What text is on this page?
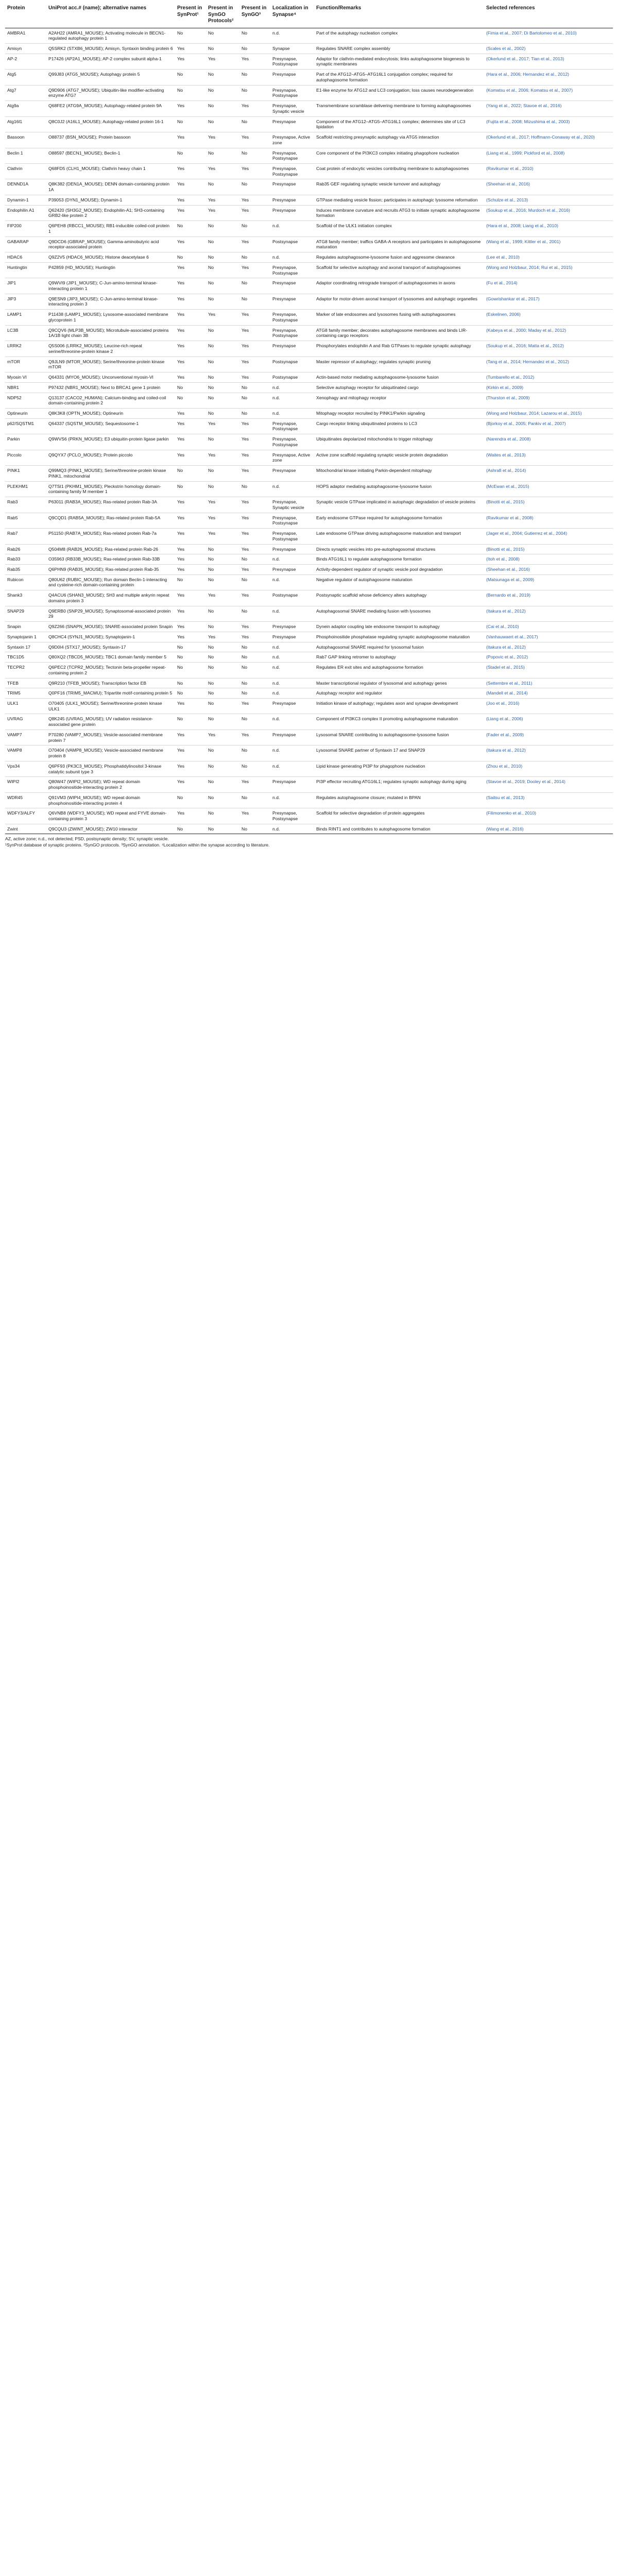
Protein	UniProt acc.# (name); alternative names	Present in SynProt¹	Present in SynGO Protocols²	Present in SynGO³	Localization in Synapse⁴	Function/Remarks	Selected references
AMBRA1	A2AH22 (AMRA1_MOUSE); Activating molecule in BECN1-regulated autophagy protein 1	No	No	No	n.d.	Part of the autophagy nucleation complex	(Fimia et al., 2007; Di Bartolomeo et al., 2010)
Amisyn	Q5SRK2 (STXB6_MOUSE); Amisyn, Syntaxin binding protein 6	Yes	No	No	Synapse	Regulates SNARE complex assembly	(Scales et al., 2002)
AP-2	P17426 (AP2A1_MOUSE); AP-2 complex subunit alpha-1	Yes	Yes	Yes	Presynapse, Postsynapse	Adaptor for clathrin-mediated endocytosis; links autophagosome biogenesis to synaptic membranes	(Okerlund et al., 2017; Tian et al., 2013)
Atg5	Q99J83 (ATG5_MOUSE); Autophagy protein 5	No	No	No	Presynapse	Part of the ATG12–ATG5–ATG16L1 conjugation complex; required for autophagosome formation	(Hara et al., 2006; Hernandez et al., 2012)
Atg7	Q9D906 (ATG7_MOUSE); Ubiquitin-like modifier-activating enzyme ATG7	No	No	No	Presynapse, Postsynapse	E1-like enzyme for ATG12 and LC3 conjugation; loss causes neurodegeneration	(Komatsu et al., 2006; Komatsu et al., 2007)
Atg9a	Q68FE2 (ATG9A_MOUSE); Autophagy-related protein 9A	Yes	No	Yes	Presynapse, Synaptic vesicle	Transmembrane scramblase delivering membrane to forming autophagosomes	(Yang et al., 2022; Stavoe et al., 2016)
Atg16l1	Q8C0J2 (A16L1_MOUSE); Autophagy-related protein 16-1	No	No	No	Presynapse	Component of the ATG12–ATG5–ATG16L1 complex; determines site of LC3 lipidation	(Fujita et al., 2008; Mizushima et al., 2003)
Bassoon	O88737 (BSN_MOUSE); Protein bassoon	Yes	Yes	Yes	Presynapse, Active zone	Scaffold restricting presynaptic autophagy via ATG5 interaction	(Okerlund et al., 2017; Hoffmann-Conaway et al., 2020)
Beclin 1	O88597 (BECN1_MOUSE); Beclin-1	No	No	No	Presynapse, Postsynapse	Core component of the PI3KC3 complex initiating phagophore nucleation	(Liang et al., 1999; Pickford et al., 2008)
Clathrin	Q68FD5 (CLH1_MOUSE); Clathrin heavy chain 1	Yes	Yes	Yes	Presynapse, Postsynapse	Coat protein of endocytic vesicles contributing membrane to autophagosomes	(Ravikumar et al., 2010)
DENND1A	Q8K382 (DEN1A_MOUSE); DENN domain-containing protein 1A	Yes	No	No	Presynapse	Rab35 GEF regulating synaptic vesicle turnover and autophagy	(Sheehan et al., 2016)
Dynamin-1	P39053 (DYN1_MOUSE); Dynamin-1	Yes	Yes	Yes	Presynapse	GTPase mediating vesicle fission; participates in autophagic lysosome reformation	(Schulze et al., 2013)
Endophilin A1	Q62420 (SH3G2_MOUSE); Endophilin-A1; SH3-containing GRB2-like protein 2	Yes	Yes	Yes	Presynapse	Induces membrane curvature and recruits ATG3 to initiate synaptic autophagosome formation	(Soukup et al., 2016; Murdoch et al., 2016)
FIP200	Q6PEH8 (RBCC1_MOUSE); RB1-inducible coiled-coil protein 1	No	No	No	n.d.	Scaffold of the ULK1 initiation complex	(Hara et al., 2008; Liang et al., 2010)
GABARAP	Q9DCD6 (GBRAP_MOUSE); Gamma-aminobutyric acid receptor-associated protein	Yes	No	Yes	Postsynapse	ATG8 family member; traffics GABA-A receptors and participates in autophagosome maturation	(Wang et al., 1999; Kittler et al., 2001)
HDAC6	Q9Z2V5 (HDAC6_MOUSE); Histone deacetylase 6	No	No	No	n.d.	Regulates autophagosome-lysosome fusion and aggresome clearance	(Lee et al., 2010)
Huntingtin	P42859 (HD_MOUSE); Huntingtin	Yes	No	Yes	Presynapse, Postsynapse	Scaffold for selective autophagy and axonal transport of autophagosomes	(Wong and Holzbaur, 2014; Rui et al., 2015)
JIP1	Q9WVI9 (JIP1_MOUSE); C-Jun-amino-terminal kinase-interacting protein 1	Yes	No	No	Presynapse	Adaptor coordinating retrograde transport of autophagosomes in axons	(Fu et al., 2014)
JIP3	Q9ESN9 (JIP3_MOUSE); C-Jun-amino-terminal kinase-interacting protein 3	Yes	No	No	Presynapse	Adaptor for motor-driven axonal transport of lysosomes and autophagic organelles	(Gowrishankar et al., 2017)
LAMP1	P11438 (LAMP1_MOUSE); Lysosome-associated membrane glycoprotein 1	Yes	Yes	Yes	Presynapse, Postsynapse	Marker of late endosomes and lysosomes fusing with autophagosomes	(Eskelinen, 2006)
LC3B	Q9CQV6 (MLP3B_MOUSE); Microtubule-associated proteins 1A/1B light chain 3B	Yes	No	Yes	Presynapse, Postsynapse	ATG8 family member; decorates autophagosome membranes and binds LIR-containing cargo receptors	(Kabeya et al., 2000; Maday et al., 2012)
LRRK2	Q5S006 (LRRK2_MOUSE); Leucine-rich repeat serine/threonine-protein kinase 2	Yes	No	Yes	Presynapse	Phosphorylates endophilin A and Rab GTPases to regulate synaptic autophagy	(Soukup et al., 2016; Matta et al., 2012)
mTOR	Q9JLN9 (MTOR_MOUSE); Serine/threonine-protein kinase mTOR	Yes	No	Yes	Postsynapse	Master repressor of autophagy; regulates synaptic pruning	(Tang et al., 2014; Hernandez et al., 2012)
Myosin VI	Q64331 (MYO6_MOUSE); Unconventional myosin-VI	Yes	No	Yes	Postsynapse	Actin-based motor mediating autophagosome-lysosome fusion	(Tumbarello et al., 2012)
NBR1	P97432 (NBR1_MOUSE); Next to BRCA1 gene 1 protein	No	No	No	n.d.	Selective autophagy receptor for ubiquitinated cargo	(Kirkin et al., 2009)
NDP52	Q13137 (CACO2_HUMAN); Calcium-binding and coiled-coil domain-containing protein 2	No	No	No	n.d.	Xenophagy and mitophagy receptor	(Thurston et al., 2009)
Optineurin	Q8K3K8 (OPTN_MOUSE); Optineurin	Yes	No	No	n.d.	Mitophagy receptor recruited by PINK1/Parkin signaling	(Wong and Holzbaur, 2014; Lazarou et al., 2015)
p62/SQSTM1	Q64337 (SQSTM_MOUSE); Sequestosome-1	Yes	Yes	Yes	Presynapse, Postsynapse	Cargo receptor linking ubiquitinated proteins to LC3	(Bjorkoy et al., 2005; Pankiv et al., 2007)
Parkin	Q9WVS6 (PRKN_MOUSE); E3 ubiquitin-protein ligase parkin	Yes	No	Yes	Presynapse, Postsynapse	Ubiquitinates depolarized mitochondria to trigger mitophagy	(Narendra et al., 2008)
Piccolo	Q9QYX7 (PCLO_MOUSE); Protein piccolo	Yes	Yes	Yes	Presynapse, Active zone	Active zone scaffold regulating synaptic vesicle protein degradation	(Waites et al., 2013)
PINK1	Q99MQ3 (PINK1_MOUSE); Serine/threonine-protein kinase PINK1, mitochondrial	No	No	Yes	Presynapse	Mitochondrial kinase initiating Parkin-dependent mitophagy	(Ashrafi et al., 2014)
PLEKHM1	Q7TSI1 (PKHM1_MOUSE); Pleckstrin homology domain-containing family M member 1	No	No	No	n.d.	HOPS adaptor mediating autophagosome-lysosome fusion	(McEwan et al., 2015)
Rab3	P63011 (RAB3A_MOUSE); Ras-related protein Rab-3A	Yes	Yes	Yes	Presynapse, Synaptic vesicle	Synaptic vesicle GTPase implicated in autophagic degradation of vesicle proteins	(Binotti et al., 2015)
Rab5	Q9CQD1 (RAB5A_MOUSE); Ras-related protein Rab-5A	Yes	Yes	Yes	Presynapse, Postsynapse	Early endosome GTPase required for autophagosome formation	(Ravikumar et al., 2008)
Rab7	P51150 (RAB7A_MOUSE); Ras-related protein Rab-7a	Yes	Yes	Yes	Presynapse, Postsynapse	Late endosome GTPase driving autophagosome maturation and transport	(Jager et al., 2004; Gutierrez et al., 2004)
Rab26	Q504M8 (RAB26_MOUSE); Ras-related protein Rab-26	Yes	No	Yes	Presynapse	Directs synaptic vesicles into pre-autophagosomal structures	(Binotti et al., 2015)
Rab33	O35963 (RB33B_MOUSE); Ras-related protein Rab-33B	Yes	No	No	n.d.	Binds ATG16L1 to regulate autophagosome formation	(Itoh et al., 2008)
Rab35	Q6PHN9 (RAB35_MOUSE); Ras-related protein Rab-35	Yes	No	Yes	Presynapse	Activity-dependent regulator of synaptic vesicle pool degradation	(Sheehan et al., 2016)
Rubicon	Q80U62 (RUBIC_MOUSE); Run domain Beclin-1-interacting and cysteine-rich domain-containing protein	No	No	No	n.d.	Negative regulator of autophagosome maturation	(Matsunaga et al., 2009)
Shank3	Q4ACU6 (SHAN3_MOUSE); SH3 and multiple ankyrin repeat domains protein 3	Yes	Yes	Yes	Postsynapse	Postsynaptic scaffold whose deficiency alters autophagy	(Bernardo et al., 2019)
SNAP29	Q9ERB0 (SNP29_MOUSE); Synaptosomal-associated protein 29	Yes	No	No	n.d.	Autophagosomal SNARE mediating fusion with lysosomes	(Itakura et al., 2012)
Snapin	Q9Z266 (SNAPN_MOUSE); SNARE-associated protein Snapin	Yes	No	Yes	Presynapse	Dynein adaptor coupling late endosome transport to autophagy	(Cai et al., 2010)
Synaptojanin 1	Q8CHC4 (SYNJ1_MOUSE); Synaptojanin-1	Yes	Yes	Yes	Presynapse	Phosphoinositide phosphatase regulating synaptic autophagosome maturation	(Vanhauwaert et al., 2017)
Syntaxin 17	Q9D0I4 (STX17_MOUSE); Syntaxin-17	No	No	No	n.d.	Autophagosomal SNARE required for lysosomal fusion	(Itakura et al., 2012)
TBC1D5	Q80XQ2 (TBCD5_MOUSE); TBC1 domain family member 5	No	No	No	n.d.	Rab7 GAP linking retromer to autophagy	(Popovic et al., 2012)
TECPR2	Q6PEC2 (TCPR2_MOUSE); Tectonin beta-propeller repeat-containing protein 2	No	No	No	n.d.	Regulates ER exit sites and autophagosome formation	(Stadel et al., 2015)
TFEB	Q9R210 (TFEB_MOUSE); Transcription factor EB	No	No	No	n.d.	Master transcriptional regulator of lysosomal and autophagy genes	(Settembre et al., 2011)
TRIM5	Q0PF16 (TRIM5_MACMU); Tripartite motif-containing protein 5	No	No	No	n.d.	Autophagy receptor and regulator	(Mandell et al., 2014)
ULK1	O70405 (ULK1_MOUSE); Serine/threonine-protein kinase ULK1	Yes	No	Yes	Presynapse	Initiation kinase of autophagy; regulates axon and synapse development	(Joo et al., 2016)
UVRAG	Q8K245 (UVRAG_MOUSE); UV radiation resistance-associated gene protein	No	No	No	n.d.	Component of PI3KC3 complex II promoting autophagosome maturation	(Liang et al., 2006)
VAMP7	P70280 (VAMP7_MOUSE); Vesicle-associated membrane protein 7	Yes	Yes	Yes	Presynapse	Lysosomal SNARE contributing to autophagosome-lysosome fusion	(Fader et al., 2009)
VAMP8	O70404 (VAMP8_MOUSE); Vesicle-associated membrane protein 8	Yes	No	No	n.d.	Lysosomal SNARE partner of Syntaxin 17 and SNAP29	(Itakura et al., 2012)
Vps34	Q6PF93 (PK3C3_MOUSE); Phosphatidylinositol 3-kinase catalytic subunit type 3	Yes	No	No	n.d.	Lipid kinase generating PI3P for phagophore nucleation	(Zhou et al., 2010)
WIPI2	Q80W47 (WIPI2_MOUSE); WD repeat domain phosphoinositide-interacting protein 2	Yes	No	Yes	Presynapse	PI3P effector recruiting ATG16L1; regulates synaptic autophagy during aging	(Stavoe et al., 2019; Dooley et al., 2014)
WDR45	Q91VM3 (WIPI4_MOUSE); WD repeat domain phosphoinositide-interacting protein 4	No	No	No	n.d.	Regulates autophagosome closure; mutated in BPAN	(Saitsu et al., 2013)
WDFY3/ALFY	Q6VNB8 (WDFY3_MOUSE); WD repeat and FYVE domain-containing protein 3	Yes	No	Yes	Presynapse, Postsynapse	Scaffold for selective degradation of protein aggregates	(Filimonenko et al., 2010)
Zwint	Q9CQU3 (ZWINT_MOUSE); ZW10 interactor	No	No	No	n.d.	Binds RINT1 and contributes to autophagosome formation	(Wang et al., 2016)
AZ, active zone; n.d., not detected; PSD, postsynaptic density; SV, synaptic vesicle.
¹SynProt database of synaptic proteins. ²SynGO protocols. ³SynGO annotation. ⁴Localization within the synapse according to literature.
